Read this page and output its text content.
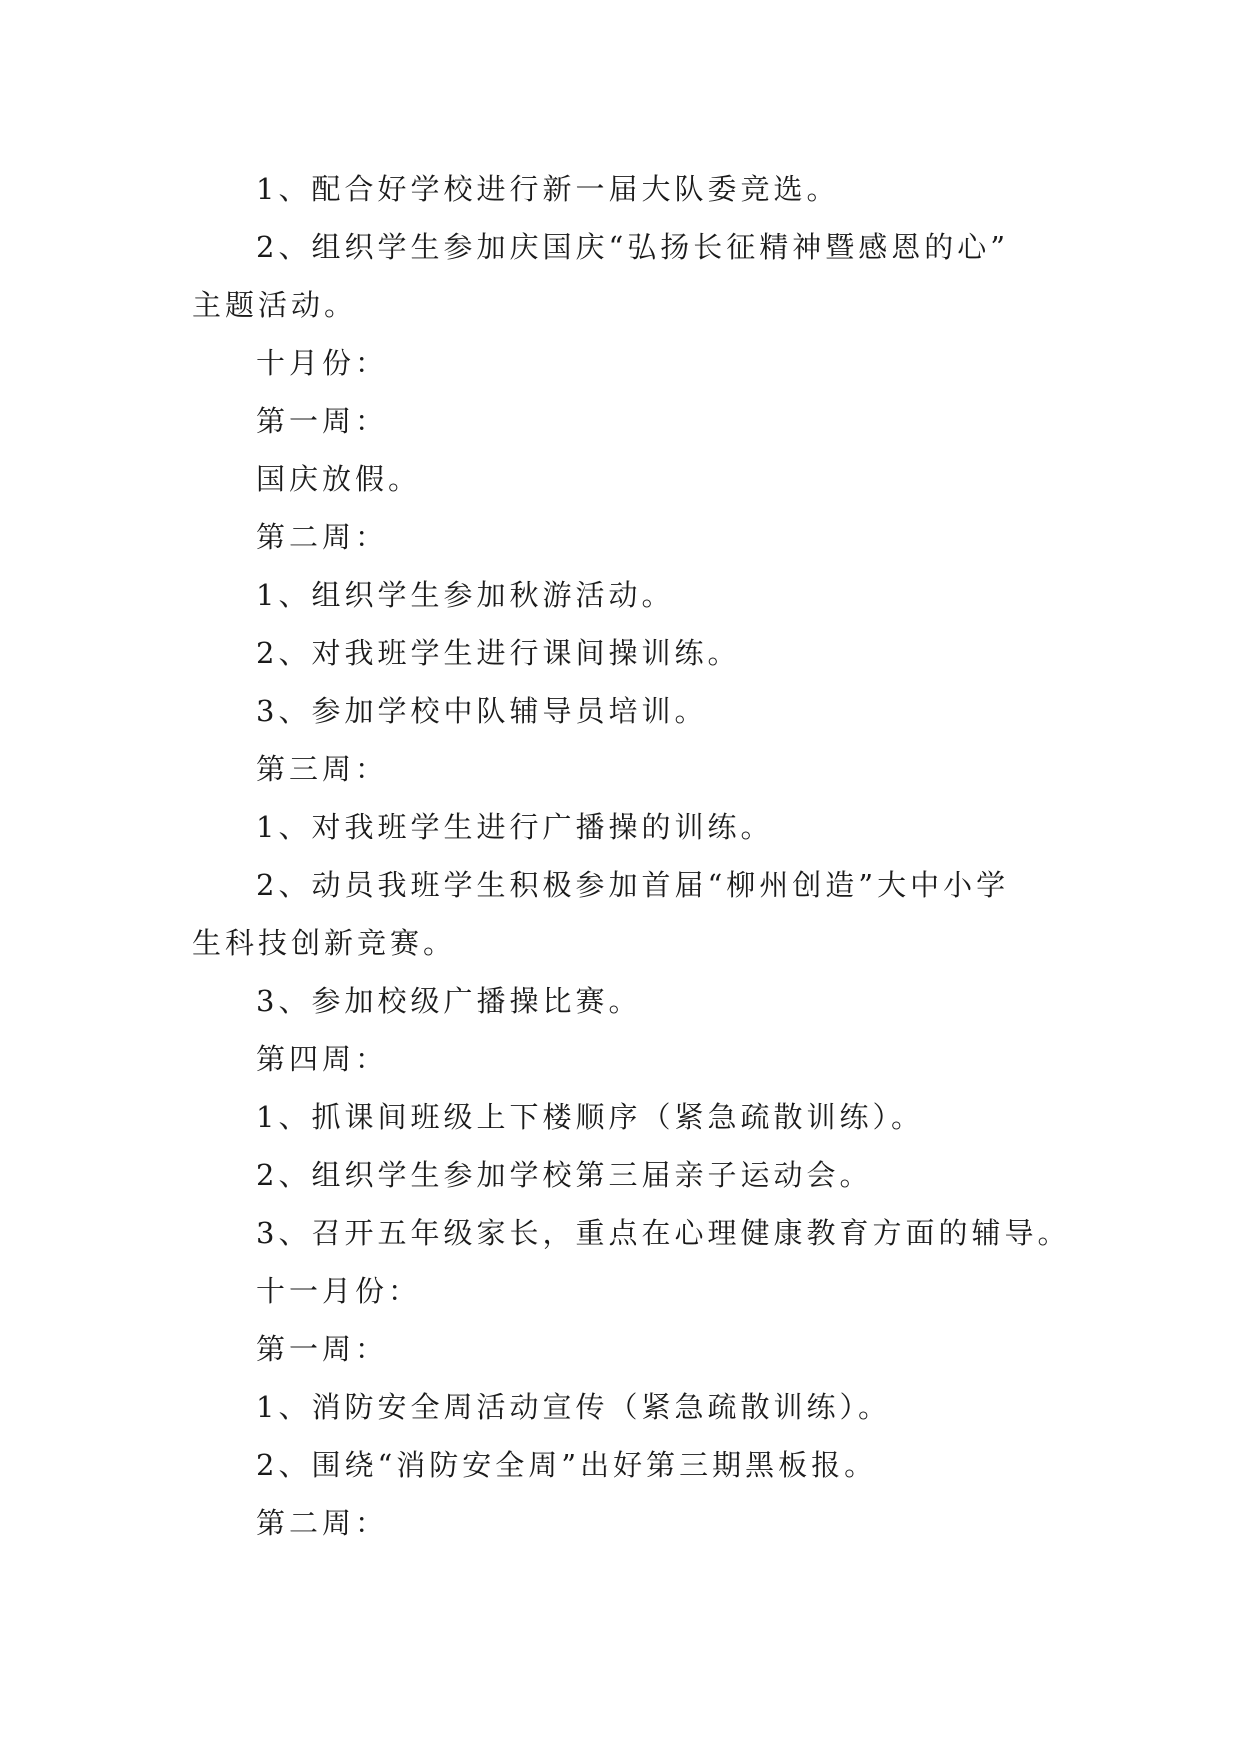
1、配合好学校进行新一届大队委竞选。

2、组织学生参加庆国庆“弘扬长征精神暨感恩的心”

主题活动。

十月份：

第一周：

国庆放假。

第二周：

1、组织学生参加秋游活动。

2、对我班学生进行课间操训练。

3、参加学校中队辅导员培训。

第三周：

1、对我班学生进行广播操的训练。

2、动员我班学生积极参加首届“柳州创造”大中小学

生科技创新竞赛。

3、参加校级广播操比赛。

第四周：

1、抓课间班级上下楼顺序（紧急疏散训练）。

2、组织学生参加学校第三届亲子运动会。

3、召开五年级家长，重点在心理健康教育方面的辅导。

十一月份：

第一周：

1、消防安全周活动宣传（紧急疏散训练）。

2、围绕“消防安全周”出好第三期黑板报。

第二周：
